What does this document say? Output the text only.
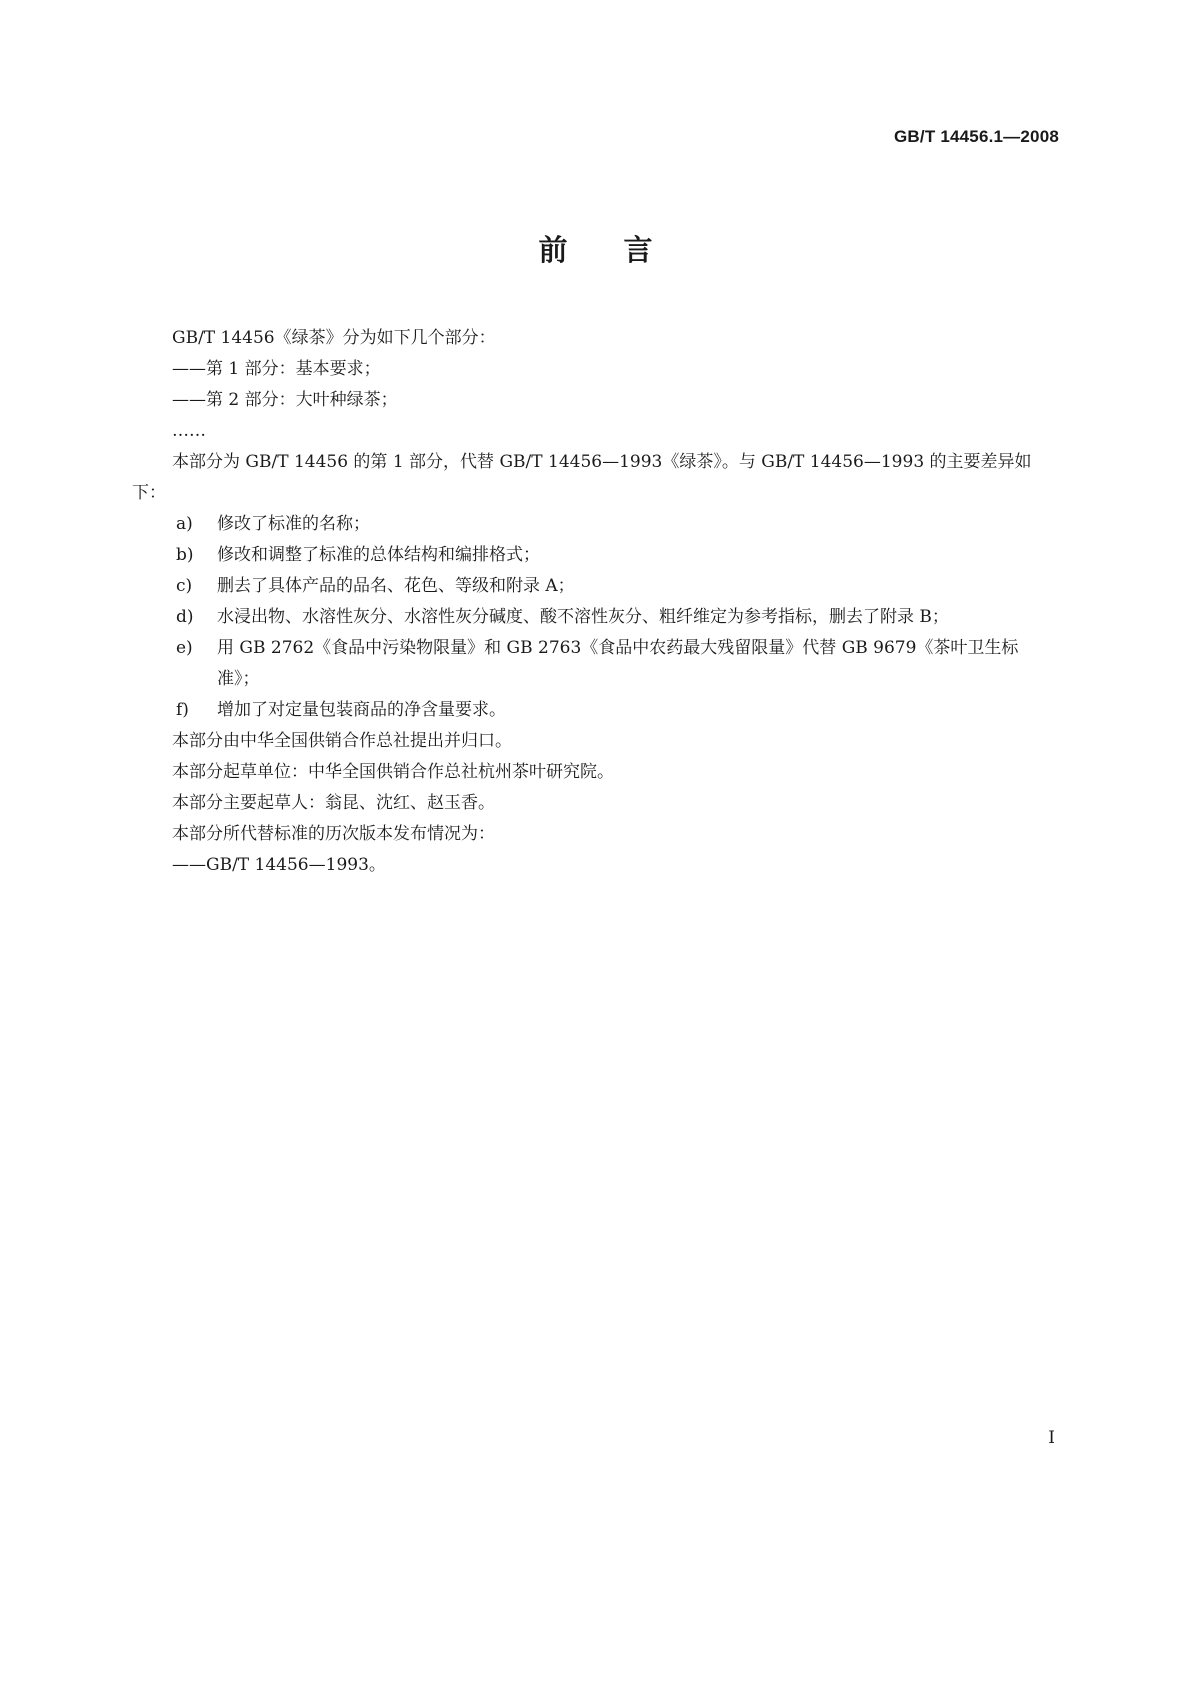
GB/T 14456.1—2008
前言

GB/T 14456《绿茶》分为如下几个部分：

——第 1 部分：基本要求；

——第 2 部分：大叶种绿茶；

……

本部分为 GB/T 14456 的第 1 部分，代替 GB/T 14456—1993《绿茶》。与 GB/T 14456—1993 的主要差异如下：

a) 修改了标准的名称；
b) 修改和调整了标准的总体结构和编排格式；
c) 删去了具体产品的品名、花色、等级和附录 A；
d) 水浸出物、水溶性灰分、水溶性灰分碱度、酸不溶性灰分、粗纤维定为参考指标，删去了附录 B；
e) 用 GB 2762《食品中污染物限量》和 GB 2763《食品中农药最大残留限量》代替 GB 9679《茶叶卫生标准》；
f) 增加了对定量包装商品的净含量要求。

本部分由中华全国供销合作总社提出并归口。

本部分起草单位：中华全国供销合作总社杭州茶叶研究院。

本部分主要起草人：翁昆、沈红、赵玉香。

本部分所代替标准的历次版本发布情况为：

——GB/T 14456—1993。

I
